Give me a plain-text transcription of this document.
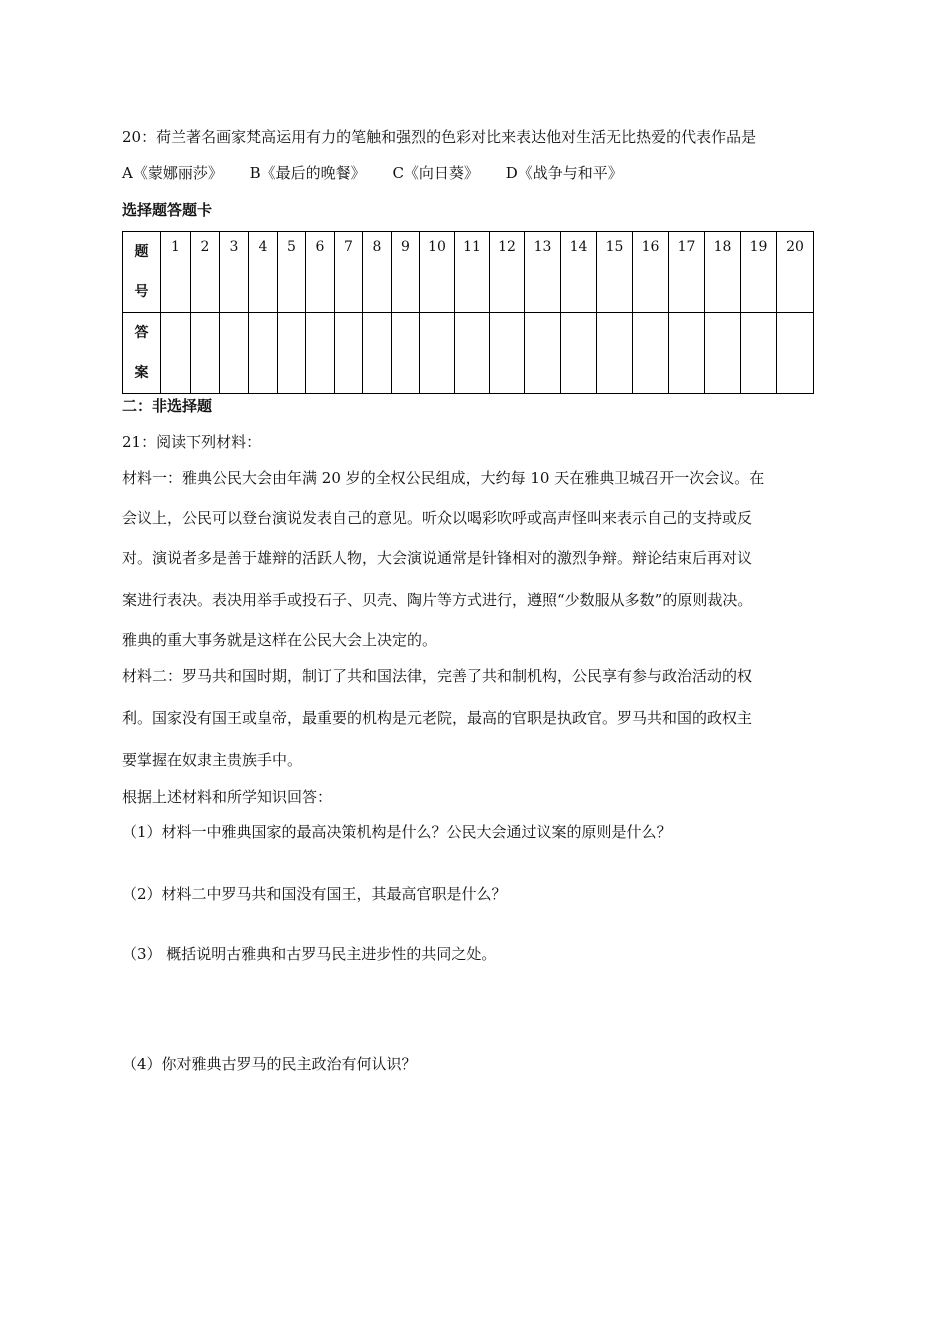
20：荷兰著名画家梵高运用有力的笔触和强烈的色彩对比来表达他对生活无比热爱的代表作品是
A《蒙娜丽莎》 B《最后的晚餐》 C《向日葵》 D《战争与和平》
选择题答题卡
题
号	1	2	3	4	5	6	7	8	9	10	11	12	13	14	15	16	17	18	19	20

答
案																				

二：非选择题
21：阅读下列材料：
材料一：雅典公民大会由年满 20 岁的全权公民组成，大约每 10 天在雅典卫城召开一次会议。在
会议上，公民可以登台演说发表自己的意见。听众以喝彩吹呼或高声怪叫来表示自己的支持或反
对。演说者多是善于雄辩的活跃人物，大会演说通常是针锋相对的激烈争辩。辩论结束后再对议
案进行表决。表决用举手或投石子、贝壳、陶片等方式进行，遵照“少数服从多数”的原则裁决。
雅典的重大事务就是这样在公民大会上决定的。
材料二：罗马共和国时期，制订了共和国法律，完善了共和制机构，公民享有参与政治活动的权
利。国家没有国王或皇帝，最重要的机构是元老院，最高的官职是执政官。罗马共和国的政权主
要掌握在奴隶主贵族手中。
根据上述材料和所学知识回答：
（1）材料一中雅典国家的最高决策机构是什么？公民大会通过议案的原则是什么？
（2）材料二中罗马共和国没有国王，其最高官职是什么？
（3） 概括说明古雅典和古罗马民主进步性的共同之处。
（4）你对雅典古罗马的民主政治有何认识？
